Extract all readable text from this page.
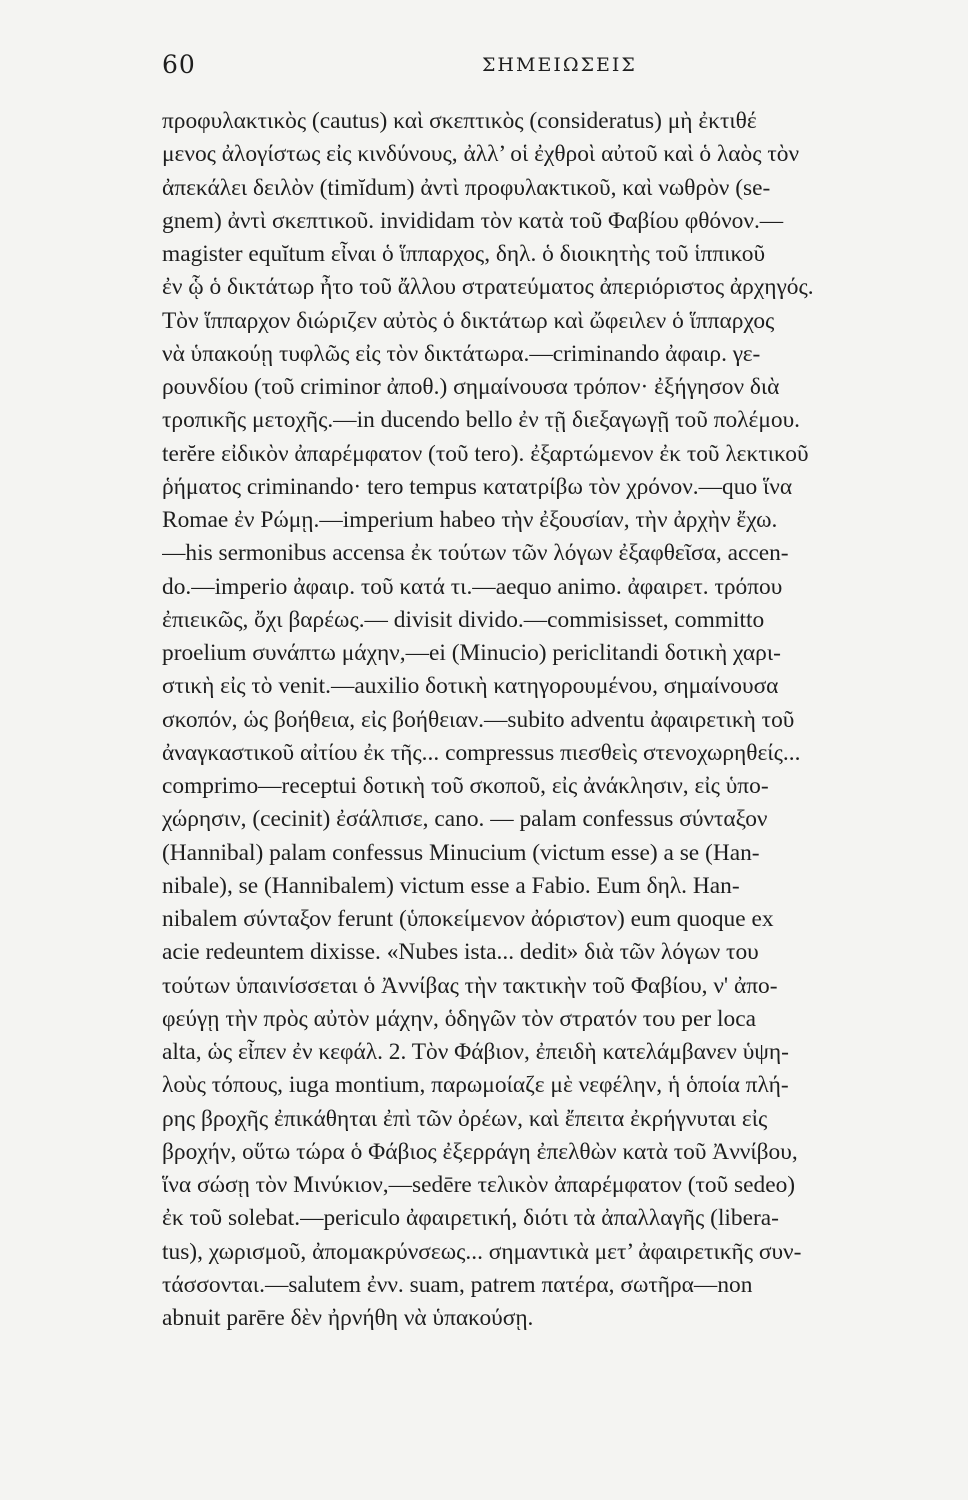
60	ΣΗΜΕΙΩΣΕΙΣ
προφυλακτικὸς (cautus) καὶ σκεπτικὸς (consideratus) μὴ ἐκτιθέ
μενος ἀλογίστως εἰς κινδύνους, ἀλλ’ οἱ ἐχθροὶ αὐτοῦ καὶ ὁ λαὸς τὸν
ἀπεκάλει δειλὸν (timĭdum) ἀντὶ προφυλακτικοῦ, καὶ νωθρὸν (se-
gnem) ἀντὶ σκεπτικοῦ. invididam τὸν κατὰ τοῦ Φαβίου φθόνον.—
magister equĭtum εἶναι ὁ ἵππαρχος, δηλ. ὁ διοικητὴς τοῦ ἱππικοῦ
ἐν ᾧ ὁ δικτάτωρ ἦτο τοῦ ἄλλου στρατεύματος ἀπεριόριστος ἀρχηγός.
Τὸν ἵππαρχον διώριζεν αὐτὸς ὁ δικτάτωρ καὶ ὤφειλεν ὁ ἵππαρχος
νὰ ὑπακούῃ τυφλῶς εἰς τὸν δικτάτωρα.—criminando ἀφαιρ. γε-
ρουνδίου (τοῦ criminor ἀποθ.) σημαίνουσα τρόπον· ἐξήγησον διὰ
τροπικῆς μετοχῆς.—in ducendo bello ἐν τῇ διεξαγωγῇ τοῦ πολέμου.
terĕre εἰδικὸν ἀπαρέμφατον (τοῦ tero). ἐξαρτώμενον ἐκ τοῦ λεκτικοῦ
ῥήματος criminando· tero tempus κατατρίβω τὸν χρόνον.—quo ἵνα
Romae ἐν Ρώμῃ.—imperium habeo τὴν ἐξουσίαν, τὴν ἀρχὴν ἔχω.
—his sermonibus accensa ἐκ τούτων τῶν λόγων ἐξαφθεῖσα, accen-
do.—imperio ἀφαιρ. τοῦ κατά τι.—aequo animo. ἀφαιρετ. τρόπου
ἐπιεικῶς, ὄχι βαρέως.— divisit divido.—commisisset, committo
proelium συνάπτω μάχην,—ei (Minucio) periclitandi δοτικὴ χαρι-
στικὴ εἰς τὸ venit.—auxilio δοτικὴ κατηγορουμένου, σημαίνουσα
σκοπόν, ὡς βοήθεια, εἰς βοήθειαν.—subito adventu ἀφαιρετικὴ τοῦ
ἀναγκαστικοῦ αἰτίου ἐκ τῆς... compressus πιεσθεὶς στενοχωρηθείς...
comprimo—receptui δοτικὴ τοῦ σκοποῦ, εἰς ἀνάκλησιν, εἰς ὑπο-
χώρησιν, (cecinit) ἐσάλπισε, cano. — palam confessus σύνταξον
(Hannibal) palam confessus Minucium (victum esse) a se (Han-
nibale), se (Hannibalem) victum esse a Fabio. Eum δηλ. Han-
nibalem σύνταξον ferunt (ὑποκείμενον ἀόριστον) eum quoque ex
acie redeuntem dixisse. «Nubes ista... dedit» διὰ τῶν λόγων του
τούτων ὑπαινίσσεται ὁ Ἀννίβας τὴν τακτικὴν τοῦ Φαβίου, ν' ἀπο-
φεύγῃ τὴν πρὸς αὐτὸν μάχην, ὁδηγῶν τὸν στρατόν του per loca
alta, ὡς εἶπεν ἐν κεφάλ. 2. Τὸν Φάβιον, ἐπειδὴ κατελάμβανεν ὑψη-
λοὺς τόπους, iuga montium, παρωμοίαζε μὲ νεφέλην, ἡ ὁποία πλή-
ρης βροχῆς ἐπικάθηται ἐπὶ τῶν ὀρέων, καὶ ἔπειτα ἐκρήγνυται εἰς
βροχήν, οὕτω τώρα ὁ Φάβιος ἐξερράγη ἐπελθὼν κατὰ τοῦ Ἀννίβου,
ἵνα σώσῃ τὸν Μινύκιον,—sedēre τελικὸν ἀπαρέμφατον (τοῦ sedeo)
ἐκ τοῦ solebat.—periculo ἀφαιρετική, διότι τὰ ἀπαλλαγῆς (libera-
tus), χωρισμοῦ, ἀπομακρύνσεως... σημαντικὰ μετ’ ἀφαιρετικῆς συν-
τάσσονται.—salutem ἐνν. suam, patrem πατέρα, σωτῆρα—non
abnuit parēre δὲν ἠρνήθη νὰ ὑπακούσῃ.
